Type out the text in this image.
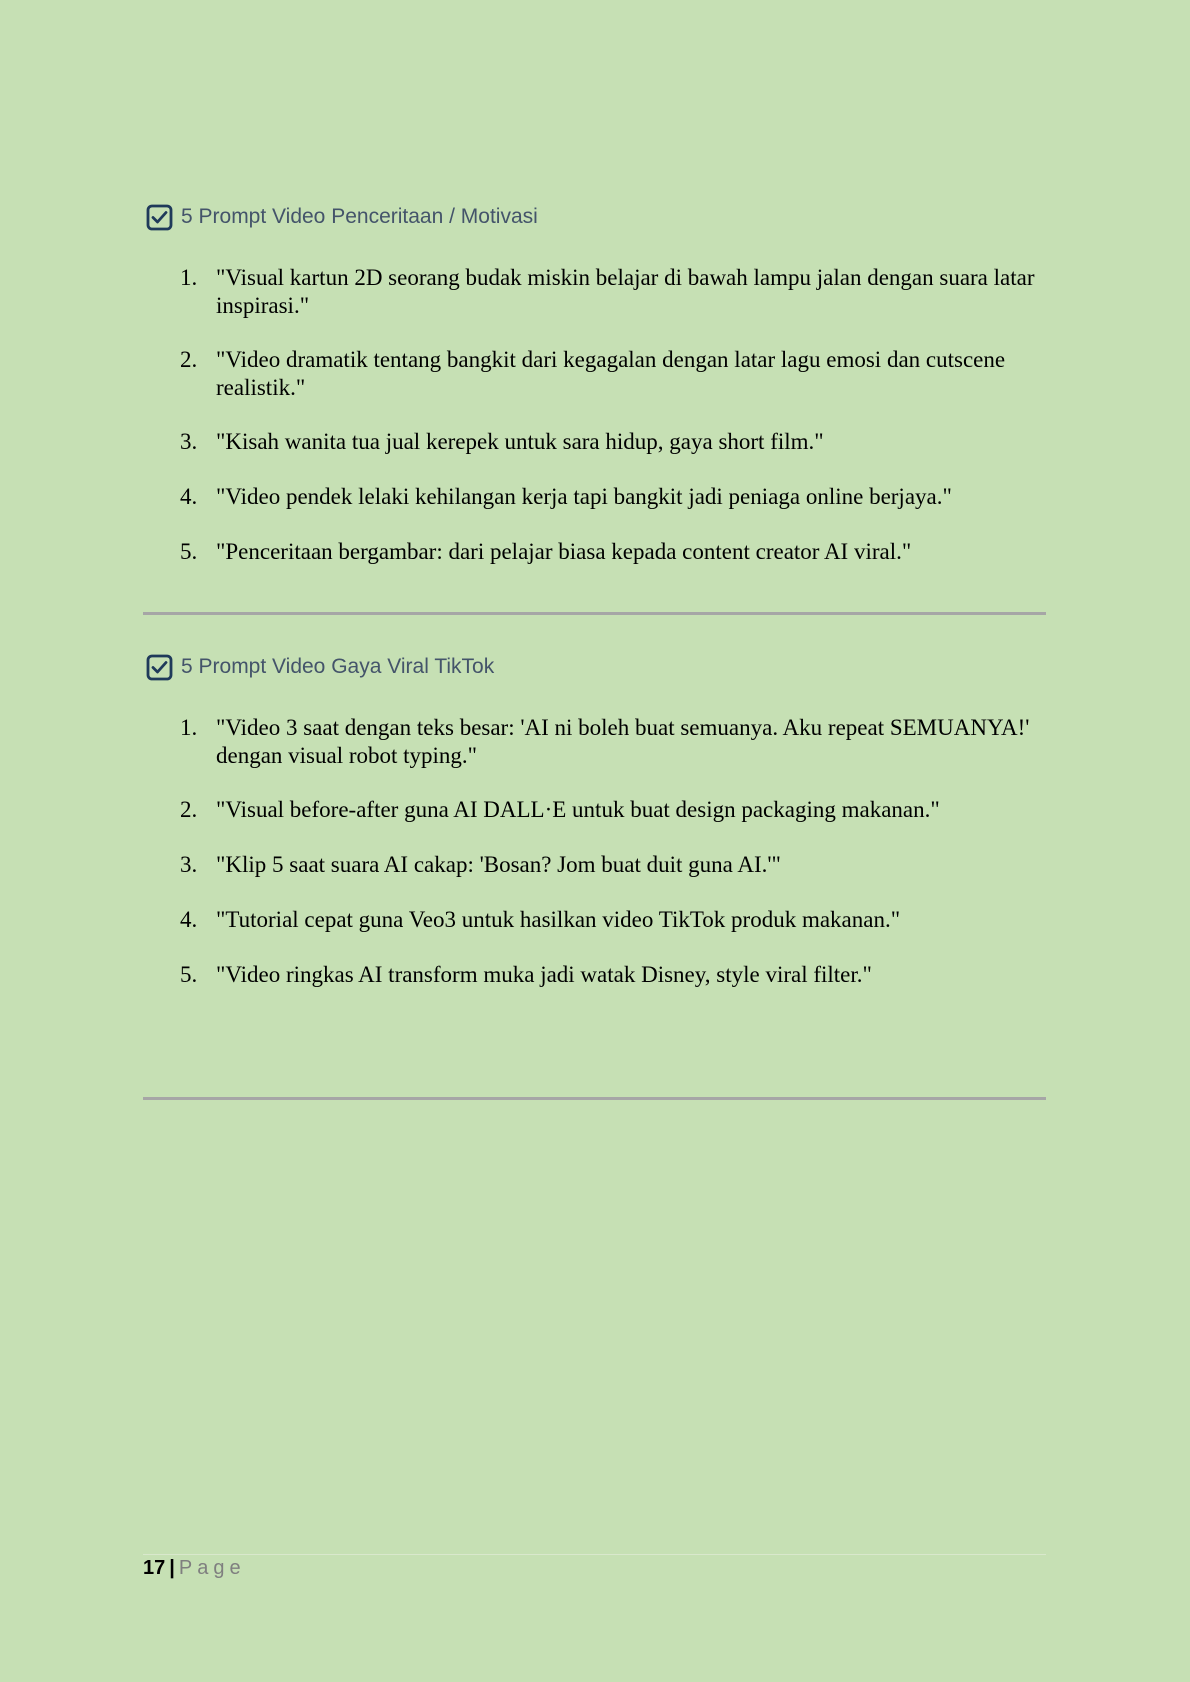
5 Prompt Video Penceritaan / Motivasi
1. "Visual kartun 2D seorang budak miskin belajar di bawah lampu jalan dengan suara latar inspirasi."
2. "Video dramatik tentang bangkit dari kegagalan dengan latar lagu emosi dan cutscene realistik."
3. "Kisah wanita tua jual kerepek untuk sara hidup, gaya short film."
4. "Video pendek lelaki kehilangan kerja tapi bangkit jadi peniaga online berjaya."
5. "Penceritaan bergambar: dari pelajar biasa kepada content creator AI viral."
5 Prompt Video Gaya Viral TikTok
1. "Video 3 saat dengan teks besar: 'AI ni boleh buat semuanya. Aku repeat SEMUANYA!' dengan visual robot typing."
2. "Visual before-after guna AI DALL·E untuk buat design packaging makanan."
3. "Klip 5 saat suara AI cakap: 'Bosan? Jom buat duit guna AI.'"
4. "Tutorial cepat guna Veo3 untuk hasilkan video TikTok produk makanan."
5. "Video ringkas AI transform muka jadi watak Disney, style viral filter."
17 | Page
